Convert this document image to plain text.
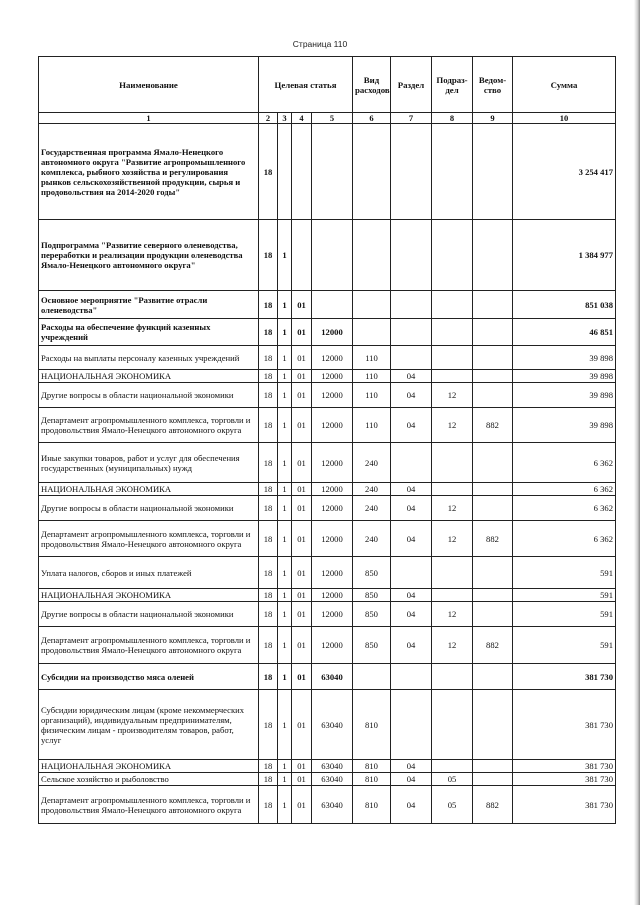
Страница 110
Наименование	Целевая статья				Вид расходов	Раздел	Подраз-дел	Ведом-ство	Сумма
1	2	3	4	5	6	7	8	9	10
Государственная программа Ямало-Ненецкого автономного округа "Развитие агропромышленного комплекса, рыбного хозяйства и регулирования рынков сельскохозяйственной продукции, сырья и продовольствия на 2014-2020 годы"	18								3 254 417
Подпрограмма "Развитие северного оленеводства, переработки и реализации продукции оленеводства Ямало-Ненецкого автономного округа"	18	1							1 384 977
Основное мероприятие "Развитие отрасли оленеводства"	18	1	01						851 038
Расходы на обеспечение функций казенных учреждений	18	1	01	12000					46 851
Расходы на выплаты персоналу казенных учреждений	18	1	01	12000	110				39 898
НАЦИОНАЛЬНАЯ ЭКОНОМИКА	18	1	01	12000	110	04			39 898
Другие вопросы в области национальной экономики	18	1	01	12000	110	04	12		39 898
Департамент агропромышленного комплекса, торговли и продовольствия Ямало-Ненецкого автономного округа	18	1	01	12000	110	04	12	882	39 898
Иные закупки товаров, работ и услуг для обеспечения государственных (муниципальных) нужд	18	1	01	12000	240				6 362
НАЦИОНАЛЬНАЯ ЭКОНОМИКА	18	1	01	12000	240	04			6 362
Другие вопросы в области национальной экономики	18	1	01	12000	240	04	12		6 362
Департамент агропромышленного комплекса, торговли и продовольствия Ямало-Ненецкого автономного округа	18	1	01	12000	240	04	12	882	6 362
Уплата налогов, сборов и иных платежей	18	1	01	12000	850				591
НАЦИОНАЛЬНАЯ ЭКОНОМИКА	18	1	01	12000	850	04			591
Другие вопросы в области национальной экономики	18	1	01	12000	850	04	12		591
Департамент агропромышленного комплекса, торговли и продовольствия Ямало-Ненецкого автономного округа	18	1	01	12000	850	04	12	882	591
Субсидии на производство мяса оленей	18	1	01	63040					381 730
Субсидии юридическим лицам (кроме некоммерческих организаций), индивидуальным предпринимателям, физическим лицам - производителям товаров, работ, услуг	18	1	01	63040	810				381 730
НАЦИОНАЛЬНАЯ ЭКОНОМИКА	18	1	01	63040	810	04			381 730
Сельское хозяйство и рыболовство	18	1	01	63040	810	04	05		381 730
Департамент агропромышленного комплекса, торговли и продовольствия Ямало-Ненецкого автономного округа	18	1	01	63040	810	04	05	882	381 730
